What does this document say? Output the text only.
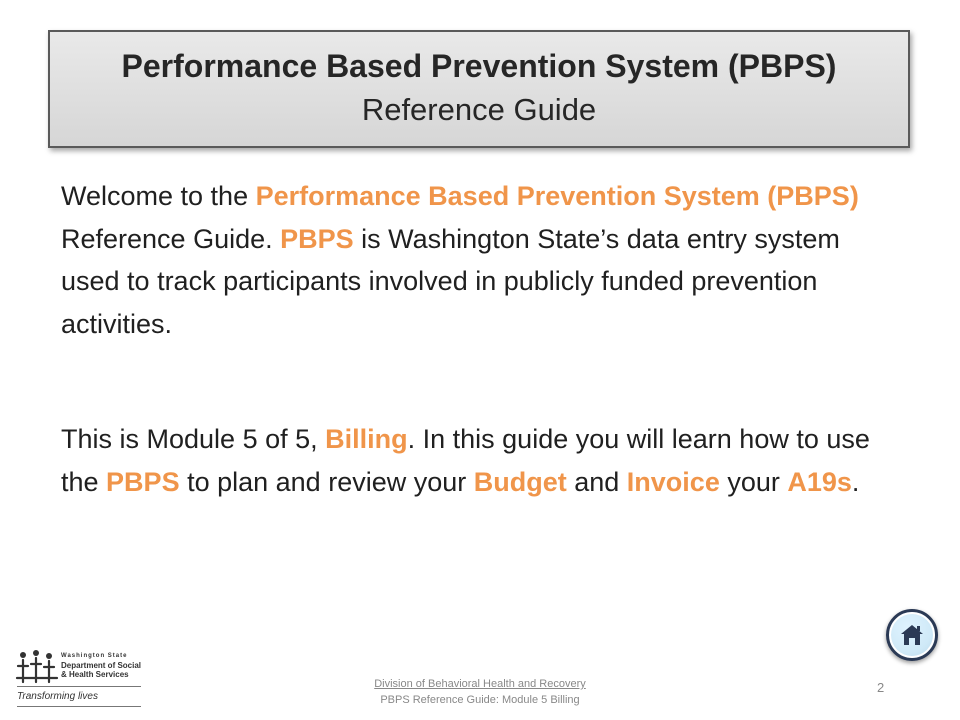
Performance Based Prevention System (PBPS)
Reference Guide
Welcome to the Performance Based Prevention System (PBPS) Reference Guide. PBPS is Washington State’s data entry system used to track participants involved in publicly funded prevention activities.
This is Module 5 of 5, Billing. In this guide you will learn how to use the PBPS to plan and review your Budget and Invoice your A19s.
Washington State
Department of Social
& Health Services
Transforming lives
Division of Behavioral Health and Recovery
PBPS Reference Guide: Module 5 Billing
2
